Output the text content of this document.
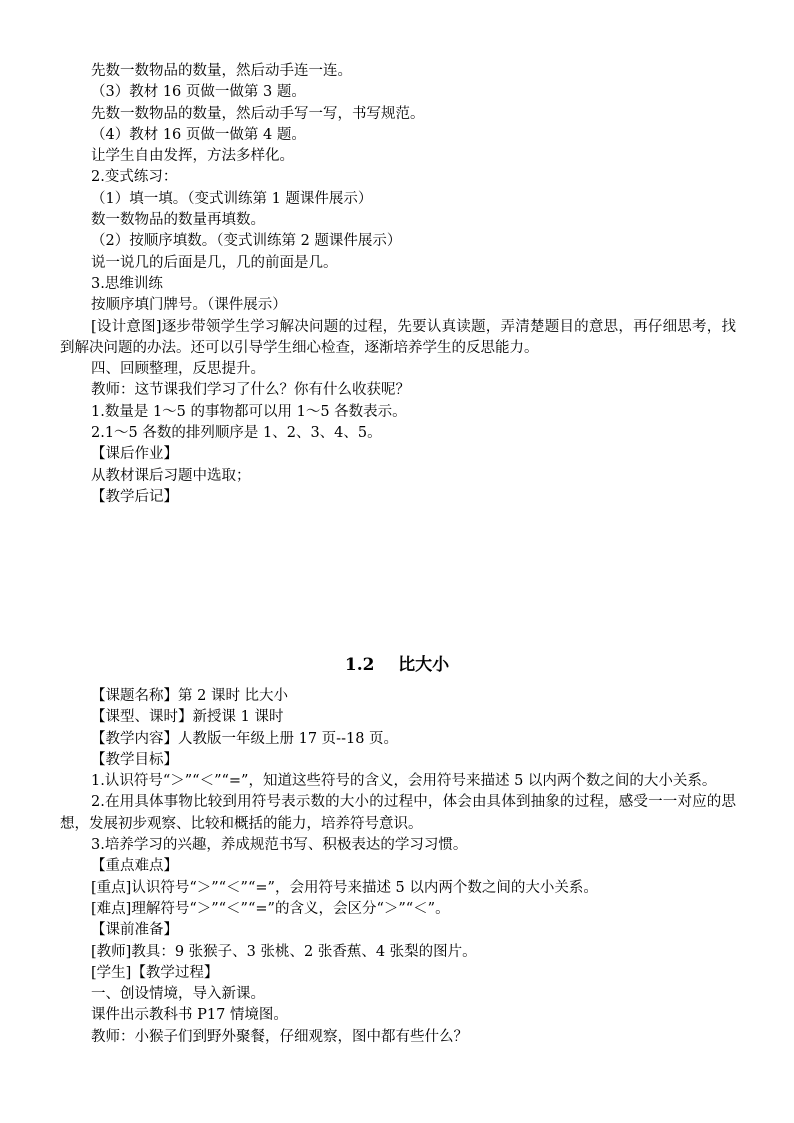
先数一数物品的数量，然后动手连一连。

（3）教材 16 页做一做第 3 题。

先数一数物品的数量，然后动手写一写，书写规范。

（4）教材 16 页做一做第 4 题。

让学生自由发挥，方法多样化。

2.变式练习：

（1）填一填。（变式训练第 1 题课件展示）

数一数物品的数量再填数。

（2）按顺序填数。（变式训练第 2 题课件展示）

说一说几的后面是几，几的前面是几。

3.思维训练

按顺序填门牌号。（课件展示）

[设计意图]逐步带领学生学习解决问题的过程，先要认真读题，弄清楚题目的意思，再仔细思考，找到解决问题的办法。还可以引导学生细心检查，逐渐培养学生的反思能力。

四、回顾整理，反思提升。

教师：这节课我们学习了什么？你有什么收获呢？

1.数量是 1～5 的事物都可以用 1～5 各数表示。

2.1～5 各数的排列顺序是 1、2、3、4、5。

【课后作业】

从教材课后习题中选取；

【教学后记】

1.2    比大小

【课题名称】第 2 课时 比大小

【课型、课时】新授课 1 课时

【教学内容】人教版一年级上册 17 页--18 页。

【教学目标】

1.认识符号“＞”“＜”“=”，知道这些符号的含义，会用符号来描述 5 以内两个数之间的大小关系。

2.在用具体事物比较到用符号表示数的大小的过程中，体会由具体到抽象的过程，感受一一对应的思想，发展初步观察、比较和概括的能力，培养符号意识。

3.培养学习的兴趣，养成规范书写、积极表达的学习习惯。

【重点难点】

[重点]认识符号“＞”“＜”“=”，会用符号来描述 5 以内两个数之间的大小关系。

[难点]理解符号“＞”“＜”“=”的含义，会区分“＞”“＜”。

【课前准备】

[教师]教具：9 张猴子、3 张桃、2 张香蕉、4 张梨的图片。

[学生]【教学过程】

一、创设情境，导入新课。

课件出示教科书 P17 情境图。

教师：小猴子们到野外聚餐，仔细观察，图中都有些什么？
